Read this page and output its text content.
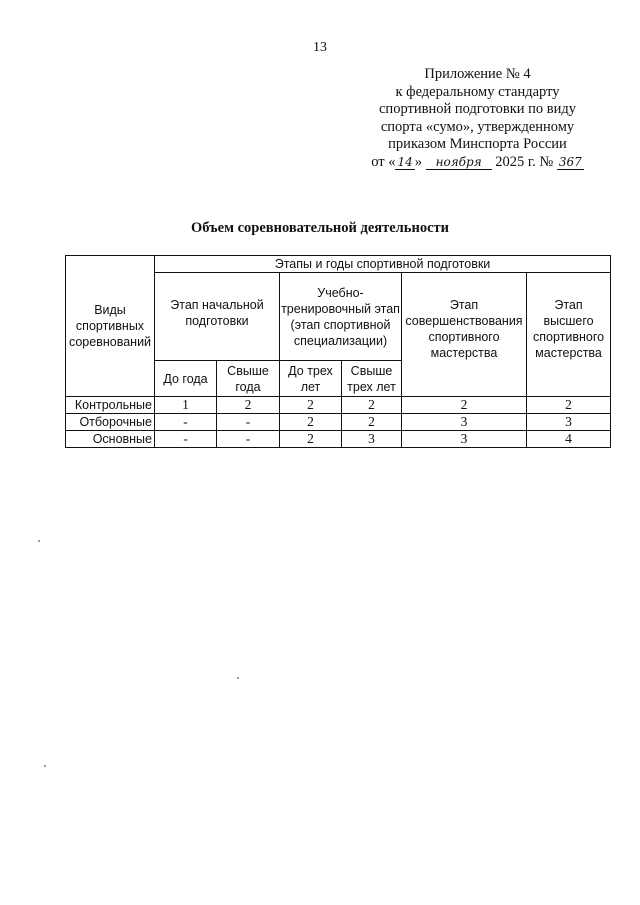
13
Приложение № 4
к федеральному стандарту
спортивной подготовки по виду
спорта «сумо», утвержденному
приказом Минспорта России
от « 14 » ноября 2025 г. № 367
Объем соревновательной деятельности
Виды спортивных соревнований	Этапы и годы спортивной подготовки					
	Этап начальной подготовки		Учебно-тренировочный этап (этап спортивной специализации)		Этап совершенствования спортивного мастерства	Этап высшего спортивного мастерства
	До года	Свыше года	До трех лет	Свыше трех лет		
Контрольные	1	2	2	2	2	2
Отборочные	-	-	2	2	3	3
Основные	-	-	2	3	3	4
